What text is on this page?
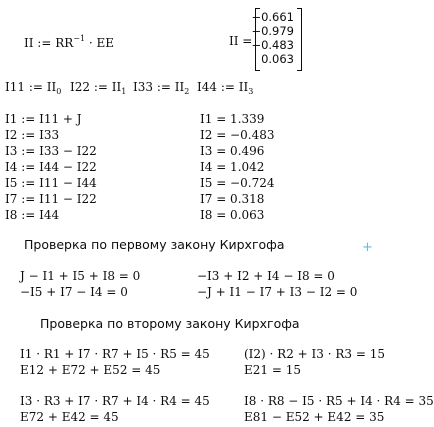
II := $RR^{-1}$ · EE	II =
−0.661
−0.979
−0.483
0.063
I11 := $II_0$ I22 := $II_1$ I33 := $II_2$ I44 := $II_3$
I1 := I11 + J
I2 := I33
I3 := I33 − I22
I4 := I44 − I22
I5 := I11 − I44
I7 := I11 − I22
I8 := I44
I1 = 1.339
I2 = −0.483
I3 = 0.496
I4 = 1.042
I5 = −0.724
I7 = 0.318
I8 = 0.063
Проверка по первому закону Кирхгофа	+
J − I1 + I5 + I8 = 0
−I5 + I7 − I4 = 0
−I3 + I2 + I4 − I8 = 0
−J + I1 − I7 + I3 − I2 = 0
Проверка по второму закону Кирхгофа
I1 · R1 + I7 · R7 + I5 · R5 = 45
E12 + E72 + E52 = 45
(I2) · R2 + I3 · R3 = 15
E21 = 15
I3 · R3 + I7 · R7 + I4 · R4 = 45
E72 + E42 = 45
I8 · R8 − I5 · R5 + I4 · R4 = 35
E81 − E52 + E42 = 35
